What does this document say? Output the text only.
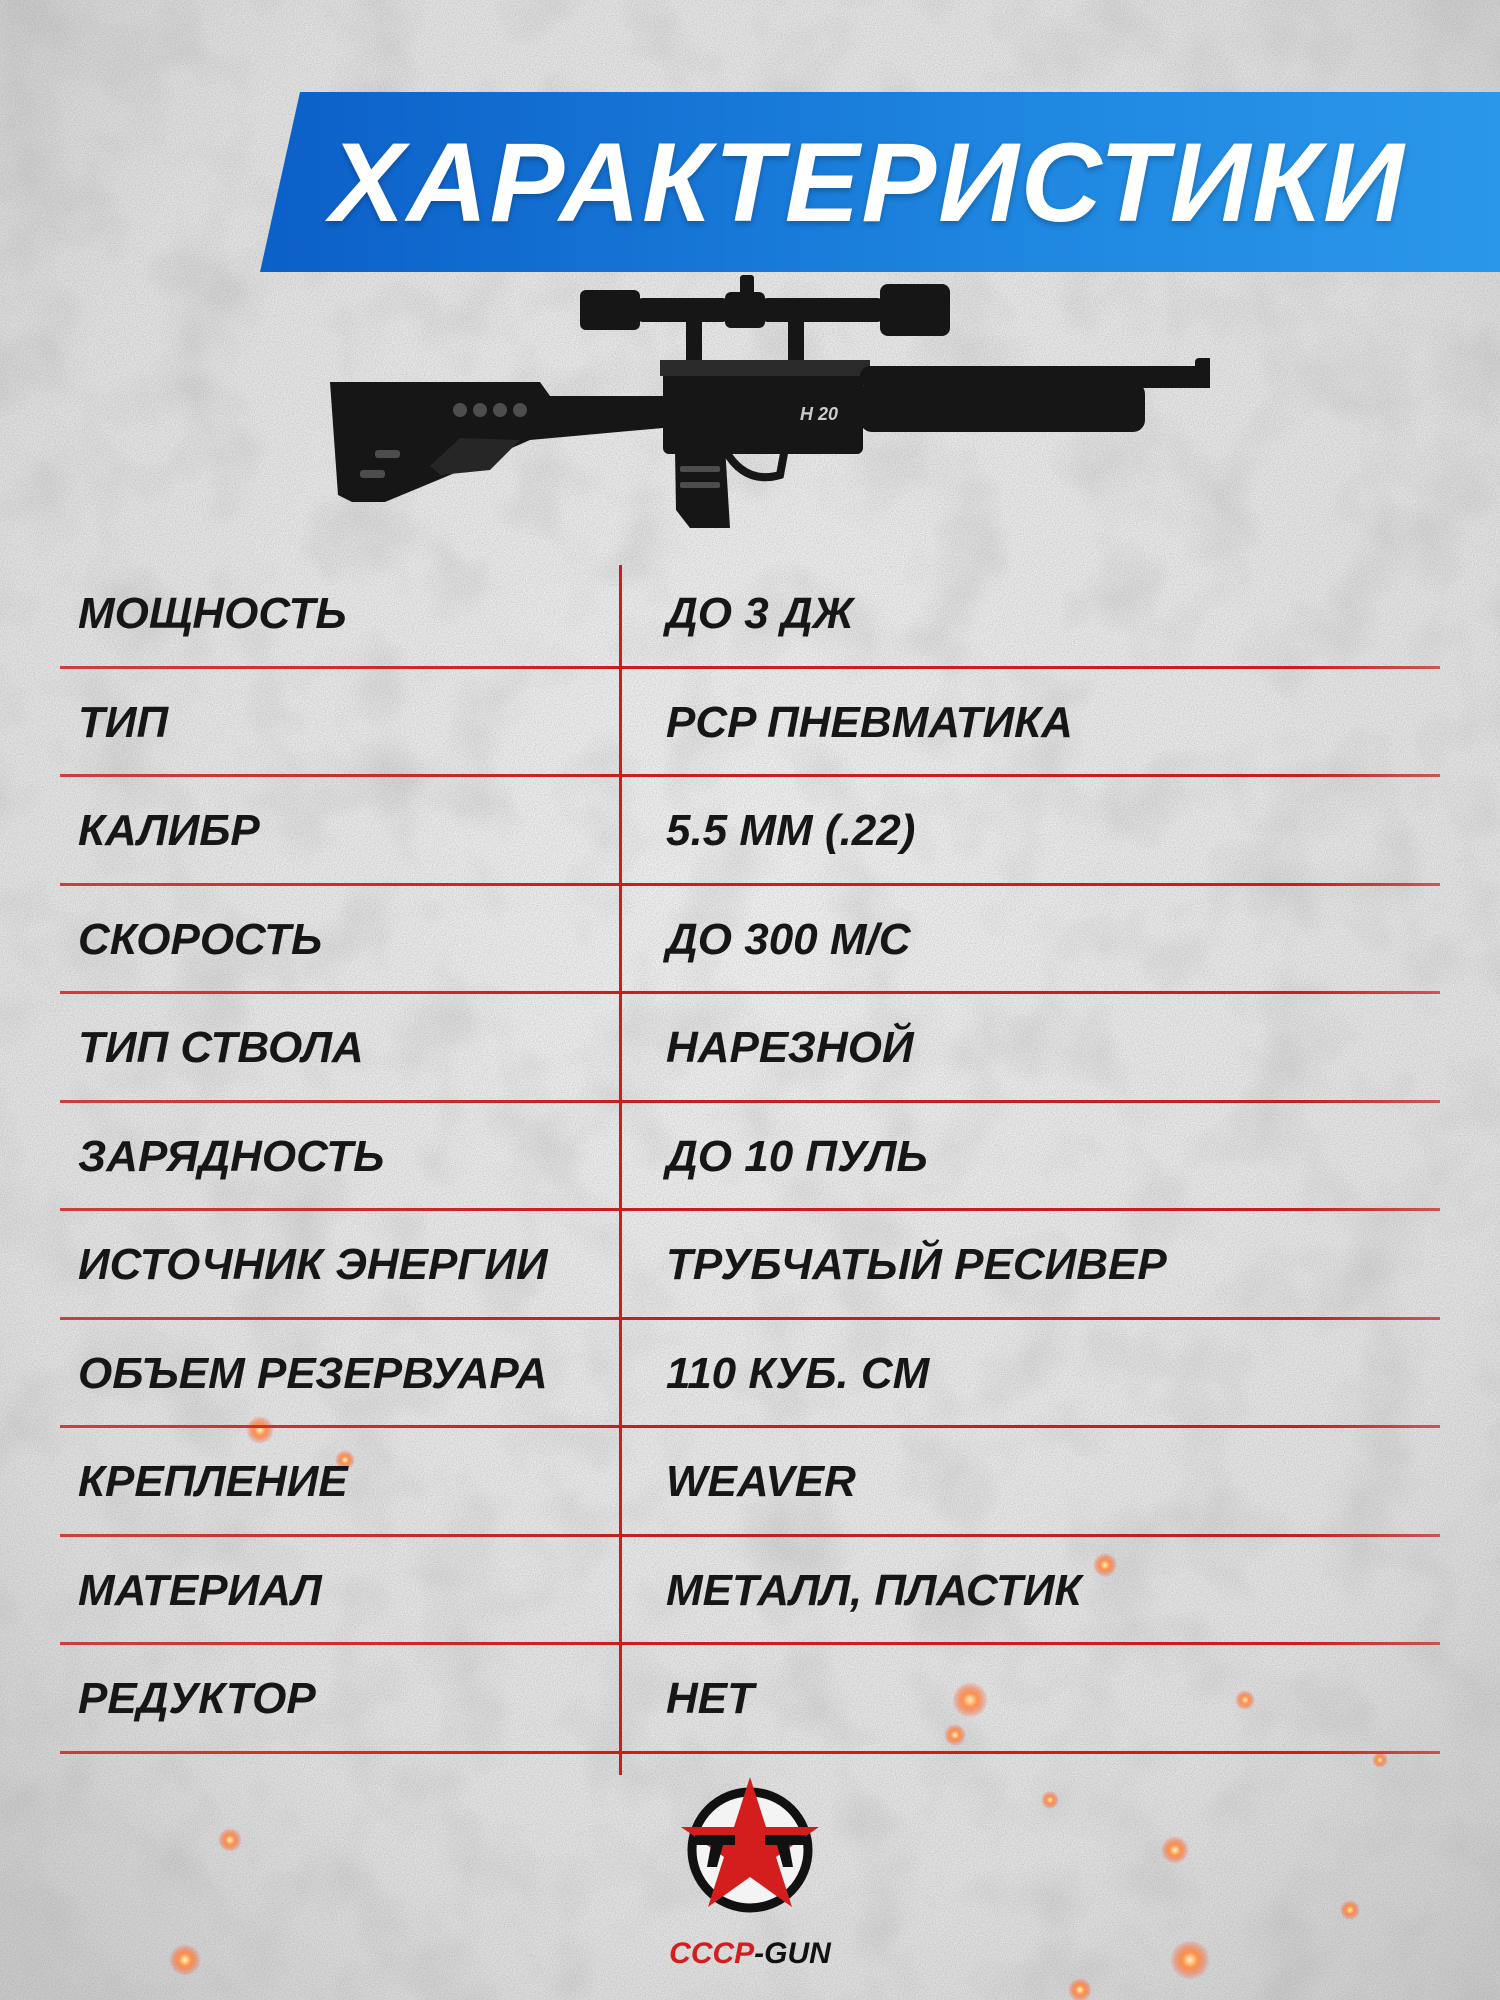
ХАРАКТЕРИСТИКИ
H 20
МОЩНОСТЬ	ДО 3 ДЖ
ТИП	PCP ПНЕВМАТИКА
КАЛИБР	5.5 ММ (.22)
СКОРОСТЬ	ДО 300 М/С
ТИП СТВОЛА	НАРЕЗНОЙ
ЗАРЯДНОСТЬ	ДО 10 ПУЛЬ
ИСТОЧНИК ЭНЕРГИИ	ТРУБЧАТЫЙ РЕСИВЕР
ОБЪЕМ РЕЗЕРВУАРА	110 КУБ. СМ
КРЕПЛЕНИЕ	WEAVER
МАТЕРИАЛ	МЕТАЛЛ, ПЛАСТИК
РЕДУКТОР	НЕТ
СССР-GUN
